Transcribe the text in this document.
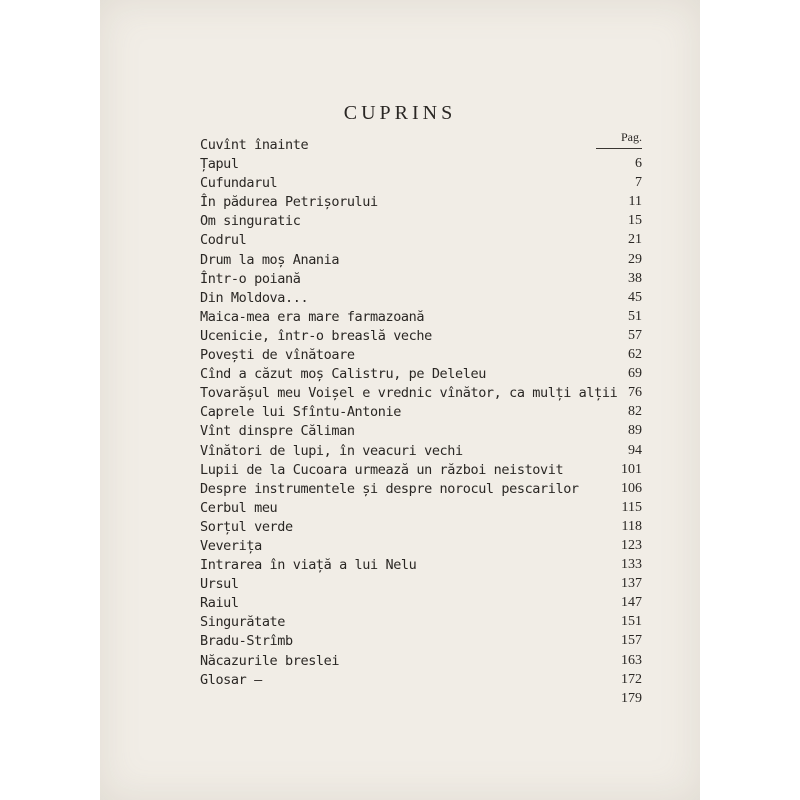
CUPRINS
Pag.
Cuvînt înainte
Țapul	6
Cufundarul	7
În pădurea Petrișorului	11
Om singuratic	15
Codrul	21
Drum la moș Anania	29
Într-o poiană	38
Din Moldova...	45
Maica-mea era mare farmazoană	51
Ucenicie, într-o breaslă veche	57
Povești de vînătoare	62
Cînd a căzut moș Calistru, pe Deleleu	69
Tovarășul meu Voișel e vrednic vînător, ca mulți alții 76
Caprele lui Sfîntu-Antonie	82
Vînt dinspre Căliman	89
Vînători de lupi, în veacuri vechi	94
Lupii de la Cucoara urmează un război neistovit	101
Despre instrumentele și despre norocul pescarilor	106
Cerbul meu	115
Sorțul verde	118
Veverița	123
Intrarea în viață a lui Nelu	133
Ursul	137
Raiul	147
Singurătate	151
Bradu-Strîmb	157
Năcazurile breslei	163
Glosar –	172
179
